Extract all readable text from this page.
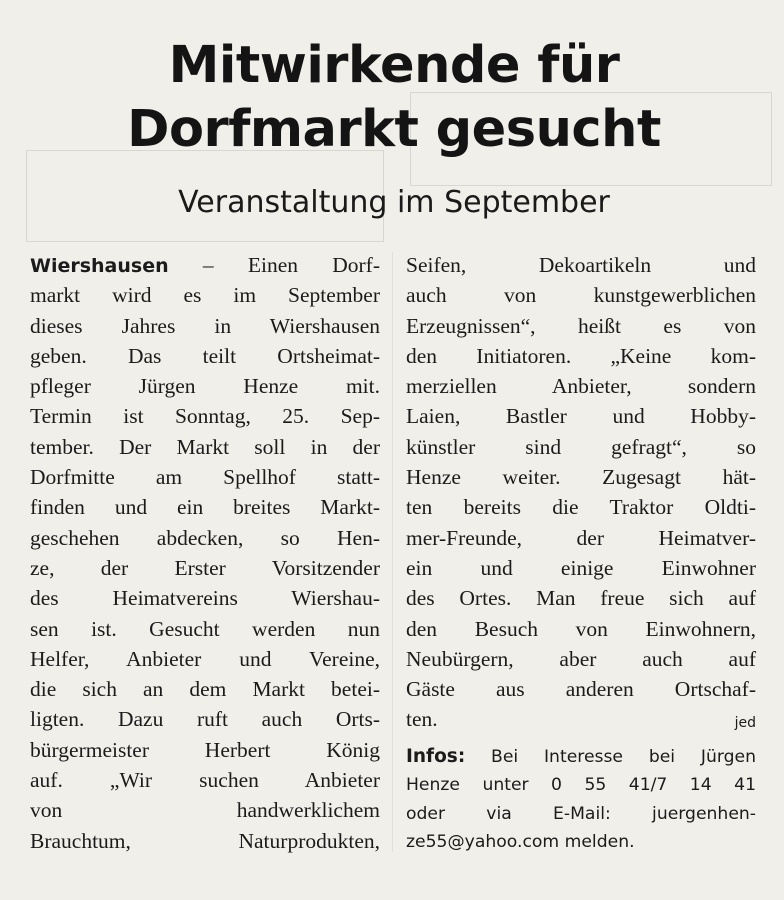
Mitwirkende für
Dorfmarkt gesucht
Veranstaltung im September
Wiershausen – Einen Dorf-
markt wird es im September
dieses Jahres in Wiershausen
geben. Das teilt Ortsheimat-
pfleger Jürgen Henze mit.
Termin ist Sonntag, 25. Sep-
tember. Der Markt soll in der
Dorfmitte am Spellhof statt-
finden und ein breites Markt-
geschehen abdecken, so Hen-
ze, der Erster Vorsitzender
des Heimatvereins Wiershau-
sen ist. Gesucht werden nun
Helfer, Anbieter und Vereine,
die sich an dem Markt betei-
ligten. Dazu ruft auch Orts-
bürgermeister Herbert König
auf. „Wir suchen Anbieter
von handwerklichem
Brauchtum, Naturprodukten,
Seifen, Dekoartikeln und
auch von kunstgewerblichen
Erzeugnissen“, heißt es von
den Initiatoren. „Keine kom-
merziellen Anbieter, sondern
Laien, Bastler und Hobby-
künstler sind gefragt“, so
Henze weiter. Zugesagt hät-
ten bereits die Traktor Oldti-
mer-Freunde, der Heimatver-
ein und einige Einwohner
des Ortes. Man freue sich auf
den Besuch von Einwohnern,
Neubürgern, aber auch auf
Gäste aus anderen Ortschaf-
ten.	jed
Infos: Bei Interesse bei Jürgen
Henze unter 0 55 41/7 14 41
oder via E-Mail: juergenhen-
ze55@yahoo.com melden.
